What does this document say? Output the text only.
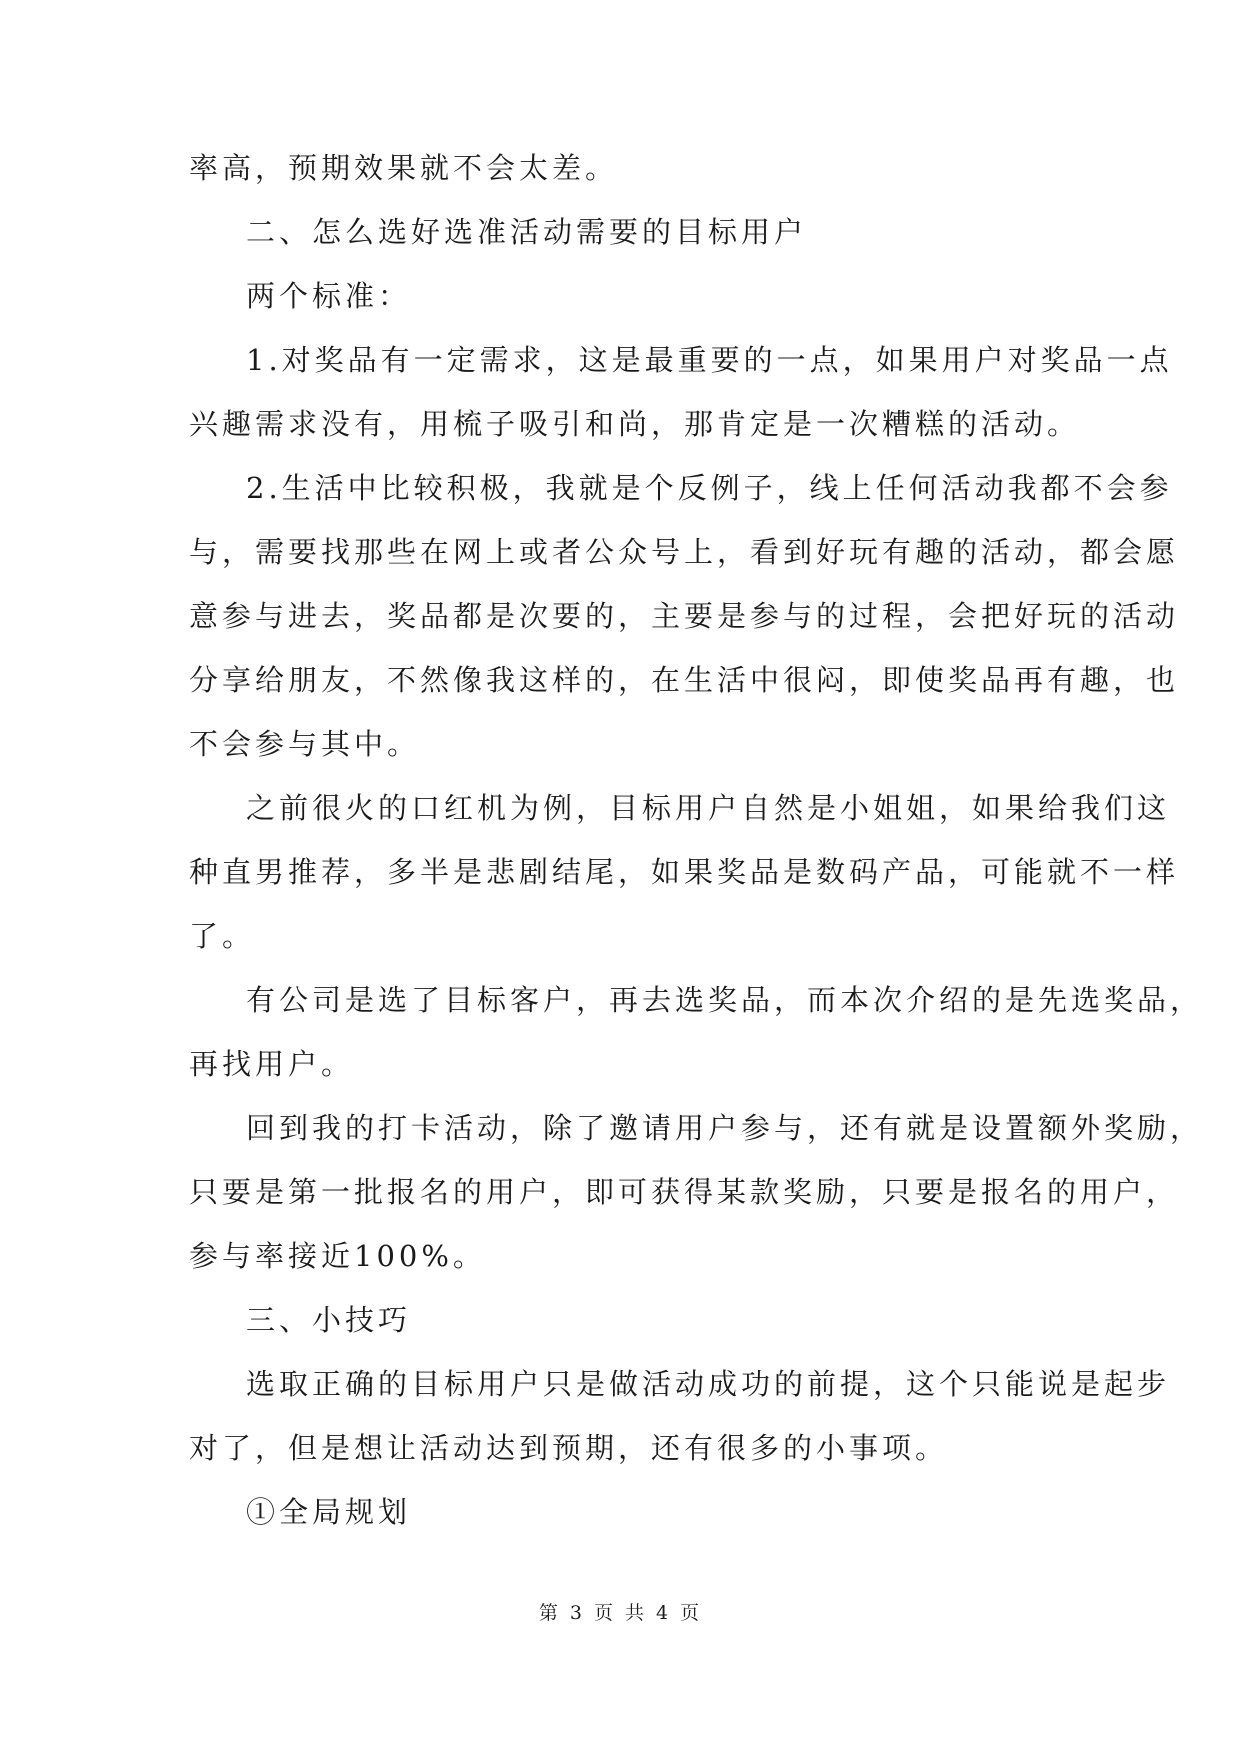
率高，预期效果就不会太差。
二、怎么选好选准活动需要的目标用户
两个标准：
1.对奖品有一定需求，这是最重要的一点，如果用户对奖品一点
兴趣需求没有，用梳子吸引和尚，那肯定是一次糟糕的活动。
2.生活中比较积极，我就是个反例子，线上任何活动我都不会参
与，需要找那些在网上或者公众号上，看到好玩有趣的活动，都会愿
意参与进去，奖品都是次要的，主要是参与的过程，会把好玩的活动
分享给朋友，不然像我这样的，在生活中很闷，即使奖品再有趣，也
不会参与其中。
之前很火的口红机为例，目标用户自然是小姐姐，如果给我们这
种直男推荐，多半是悲剧结尾，如果奖品是数码产品，可能就不一样
了。
有公司是选了目标客户，再去选奖品，而本次介绍的是先选奖品，
再找用户。
回到我的打卡活动，除了邀请用户参与，还有就是设置额外奖励，
只要是第一批报名的用户，即可获得某款奖励，只要是报名的用户，
参与率接近100%。
三、小技巧
选取正确的目标用户只是做活动成功的前提，这个只能说是起步
对了，但是想让活动达到预期，还有很多的小事项。
①全局规划
第 3 页 共 4 页
